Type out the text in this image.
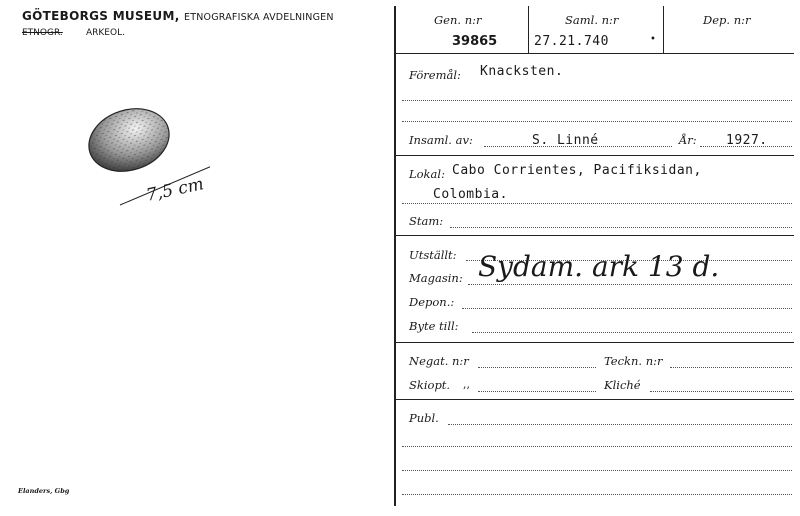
GÖTEBORGS MUSEUM, ETNOGRAFISKA AVDELNINGEN
ETNOGR.	ARKEOL.
7,5 cm
Elanders, Gbg
Gen. n:r
39865
Saml. n:r
27.21.740	•
Dep. n:r
Föremål: Knacksten.
Insaml. av:	S. Linné	År: 1927.
Lokal: Cabo Corrientes, Pacifiksidan,
Colombia.
Stam:
Utställt:
Magasin: Sydam. ark 13 d.
Depon.:
Byte till:
Negat. n:r	Teckn. n:r
Skiopt. ,,	Kliché
Publ.
